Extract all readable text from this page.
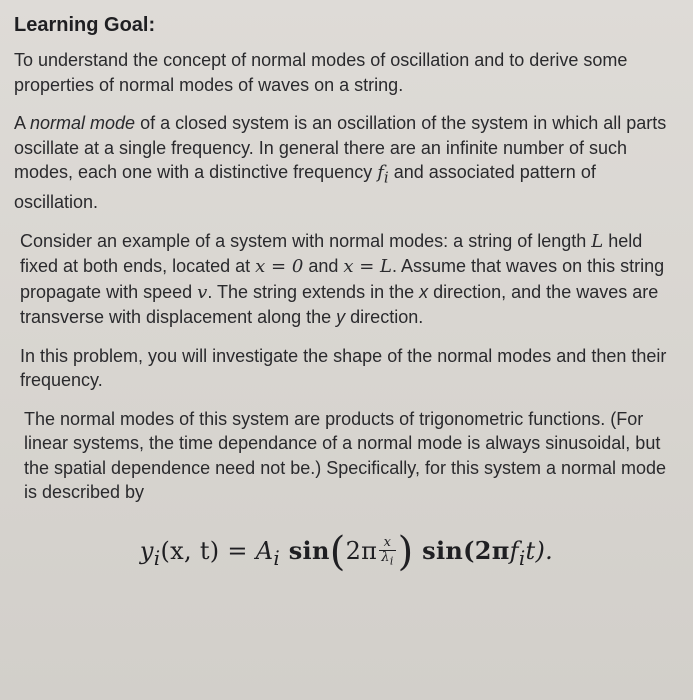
Learning Goal:

To understand the concept of normal modes of oscillation and to derive some properties of normal modes of waves on a string.

A normal mode of a closed system is an oscillation of the system in which all parts oscillate at a single frequency. In general there are an infinite number of such modes, each one with a distinctive frequency $f_i$ and associated pattern of oscillation.

Consider an example of a system with normal modes: a string of length L held fixed at both ends, located at x = 0 and x = L. Assume that waves on this string propagate with speed v. The string extends in the x direction, and the waves are transverse with displacement along the y direction.

In this problem, you will investigate the shape of the normal modes and then their frequency.

The normal modes of this system are products of trigonometric functions. (For linear systems, the time dependance of a normal mode is always sinusoidal, but the spatial dependence need not be.) Specifically, for this system a normal mode is described by

$y_i(x$, $t) = A_i$ $\sin(2\pi \frac{x}{\lambda_i}$ ) $\sin(2\pi f_it)$.
